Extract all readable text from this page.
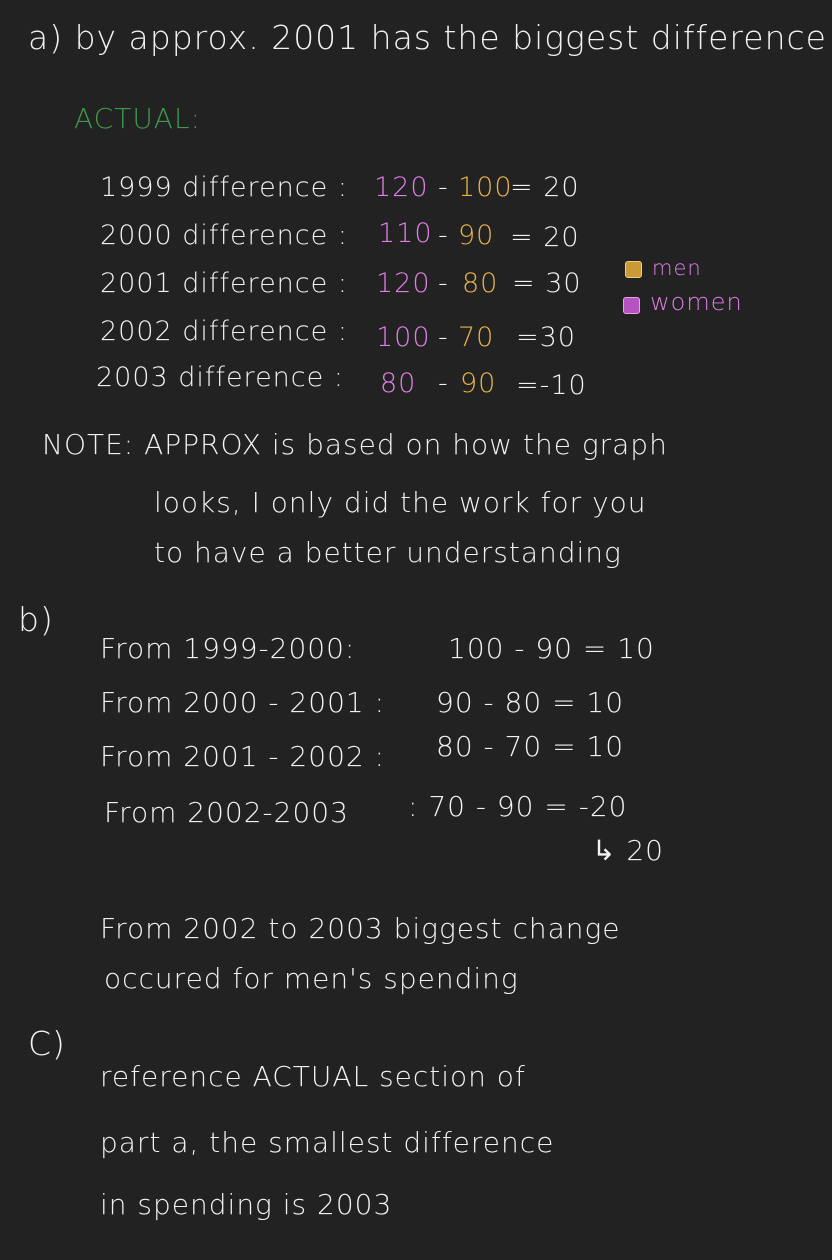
a) by approx. 2001 has the biggest difference
ACTUAL:
1999 difference : 120 - 100
= 20
2000 difference : 110 - 90 = 20
2001 difference : 120 - 80 = 30
2002 difference : 100 - 70 =30
2003 difference : 80 - 90 =-10
men
women
NOTE: APPROX is based on how the graph
looks, I only did the work for you
to have a better understanding
b)
From 1999-2000:	100 - 90 = 10
From 2000 - 2001 : 90 - 80 = 10
From 2001 - 2002 : 80 - 70 = 10
From 2002-2003 : 70 - 90 = -20
↳ 20
From 2002 to 2003 biggest change
occured for men's spending
C)
reference ACTUAL section of
part a, the smallest difference
in spending is 2003
